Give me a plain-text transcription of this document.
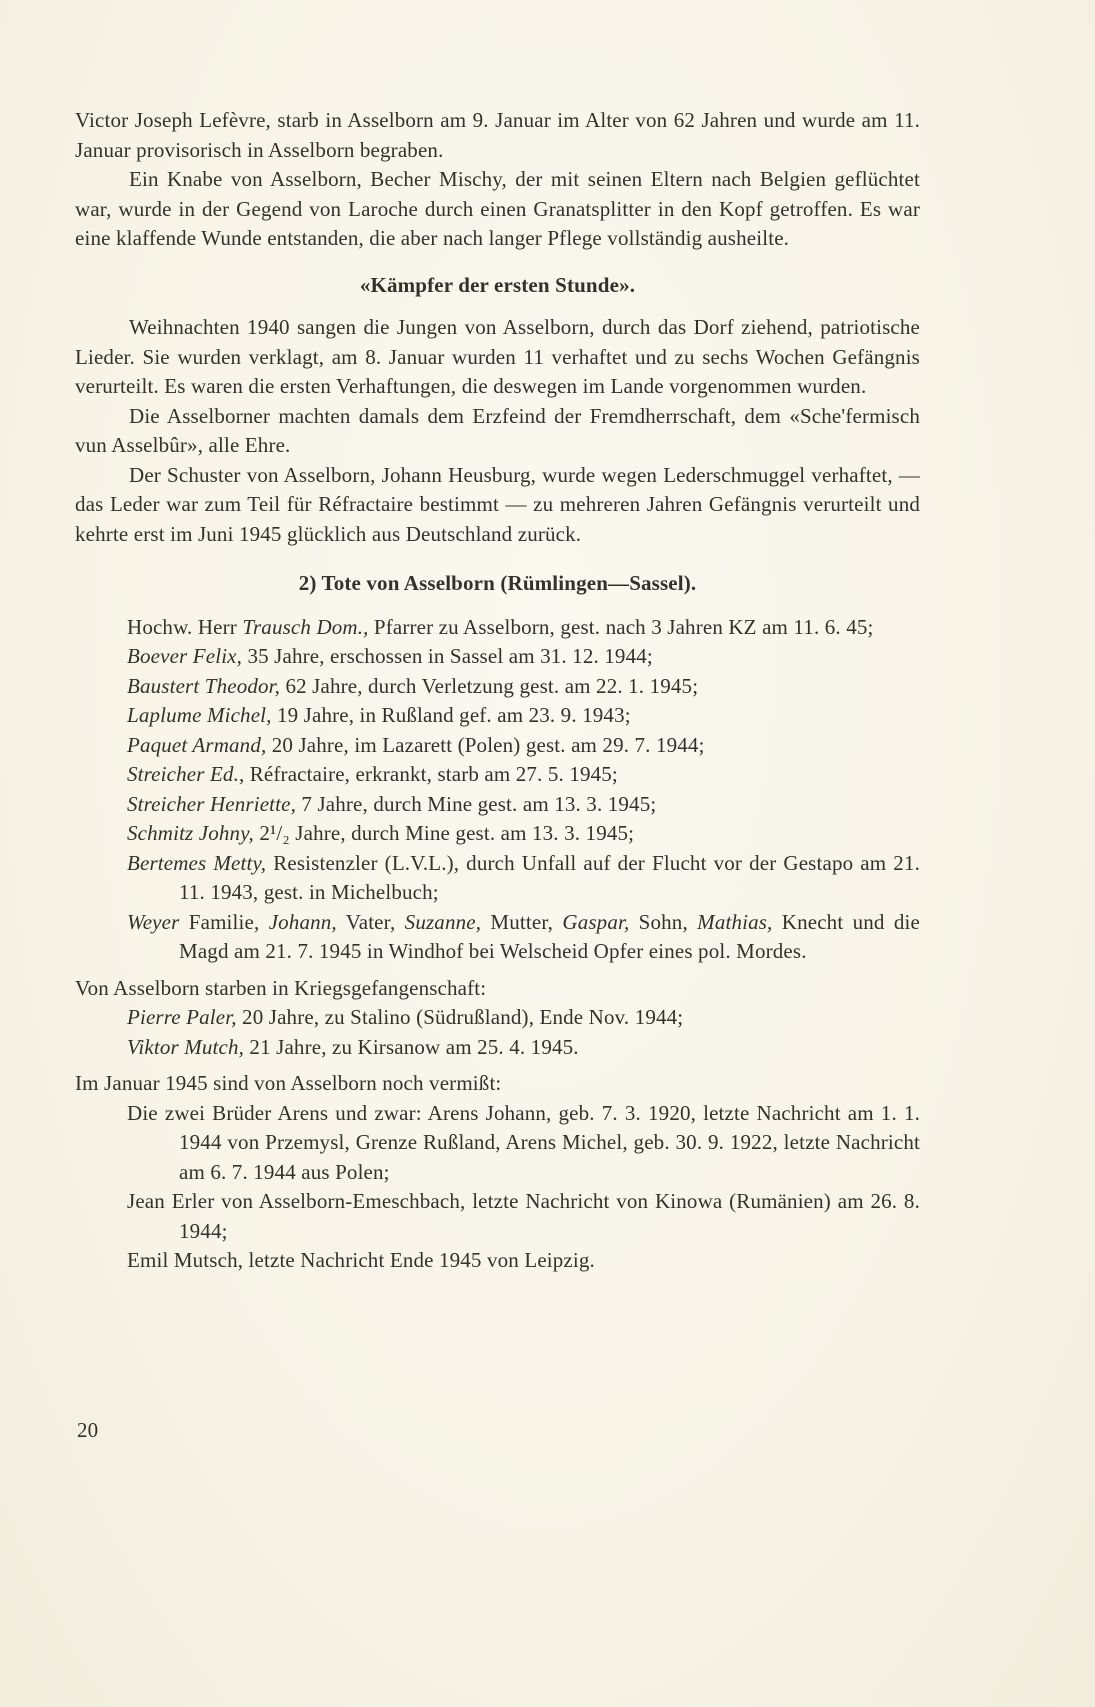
Victor Joseph Lefèvre, starb in Asselborn am 9. Januar im Alter von 62 Jahren und wurde am 11. Januar provisorisch in Asselborn begraben.

Ein Knabe von Asselborn, Becher Mischy, der mit seinen Eltern nach Belgien geflüchtet war, wurde in der Gegend von Laroche durch einen Granatsplitter in den Kopf getroffen. Es war eine klaffende Wunde entstanden, die aber nach langer Pflege vollständig ausheilte.

«Kämpfer der ersten Stunde».

Weihnachten 1940 sangen die Jungen von Asselborn, durch das Dorf ziehend, patriotische Lieder. Sie wurden verklagt, am 8. Januar wurden 11 verhaftet und zu sechs Wochen Gefängnis verurteilt. Es waren die ersten Verhaftungen, die deswegen im Lande vorgenommen wurden.

Die Asselborner machten damals dem Erzfeind der Fremdherrschaft, dem «Sche'fermisch vun Asselbûr», alle Ehre.

Der Schuster von Asselborn, Johann Heusburg, wurde wegen Lederschmuggel verhaftet, — das Leder war zum Teil für Réfractaire bestimmt — zu mehreren Jahren Gefängnis verurteilt und kehrte erst im Juni 1945 glücklich aus Deutschland zurück.

2) Tote von Asselborn (Rümlingen—Sassel).

Hochw. Herr Trausch Dom., Pfarrer zu Asselborn, gest. nach 3 Jahren KZ am 11. 6. 45;

Boever Felix, 35 Jahre, erschossen in Sassel am 31. 12. 1944;

Baustert Theodor, 62 Jahre, durch Verletzung gest. am 22. 1. 1945;

Laplume Michel, 19 Jahre, in Rußland gef. am 23. 9. 1943;

Paquet Armand, 20 Jahre, im Lazarett (Polen) gest. am 29. 7. 1944;

Streicher Ed., Réfractaire, erkrankt, starb am 27. 5. 1945;

Streicher Henriette, 7 Jahre, durch Mine gest. am 13. 3. 1945;

Schmitz Johny, 2¹/₂ Jahre, durch Mine gest. am 13. 3. 1945;

Bertemes Metty, Resistenzler (L.V.L.), durch Unfall auf der Flucht vor der Gestapo am 21. 11. 1943, gest. in Michelbuch;

Weyer Familie, Johann, Vater, Suzanne, Mutter, Gaspar, Sohn, Mathias, Knecht und die Magd am 21. 7. 1945 in Windhof bei Welscheid Opfer eines pol. Mordes.

Von Asselborn starben in Kriegsgefangenschaft:

Pierre Paler, 20 Jahre, zu Stalino (Südrußland), Ende Nov. 1944;

Viktor Mutch, 21 Jahre, zu Kirsanow am 25. 4. 1945.

Im Januar 1945 sind von Asselborn noch vermißt:

Die zwei Brüder Arens und zwar: Arens Johann, geb. 7. 3. 1920, letzte Nachricht am 1. 1. 1944 von Przemysl, Grenze Rußland, Arens Michel, geb. 30. 9. 1922, letzte Nachricht am 6. 7. 1944 aus Polen;

Jean Erler von Asselborn-Emeschbach, letzte Nachricht von Kinowa (Rumänien) am 26. 8. 1944;

Emil Mutsch, letzte Nachricht Ende 1945 von Leipzig.

20
